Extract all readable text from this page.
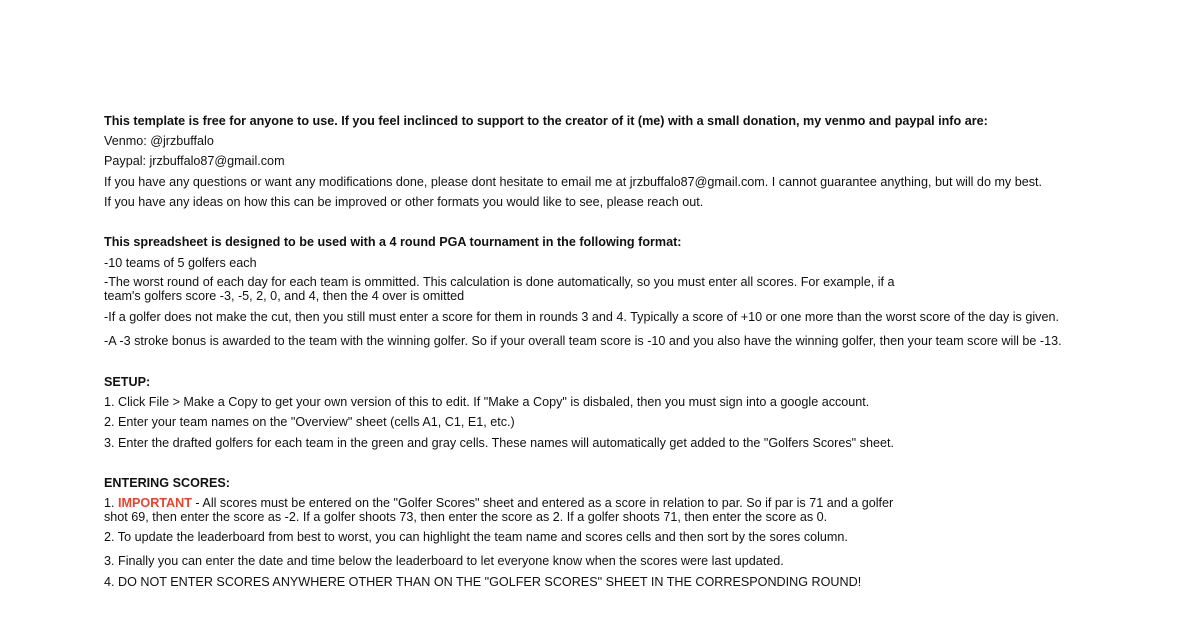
This template is free for anyone to use. If you feel inclinced to support to the creator of it (me) with a small donation, my venmo and paypal info are:
Venmo: @jrzbuffalo
Paypal: jrzbuffalo87@gmail.com
If you have any questions or want any modifications done, please dont hesitate to email me at jrzbuffalo87@gmail.com. I cannot guarantee anything, but will do my best.
If you have any ideas on how this can be improved or other formats you would like to see, please reach out.
This spreadsheet is designed to be used with a 4 round PGA tournament in the following format:
-10 teams of 5 golfers each
-The worst round of each day for each team is ommitted. This calculation is done automatically, so you must enter all scores. For example, if a team's golfers score -3, -5, 2, 0, and 4, then the 4 over is omitted
-If a golfer does not make the cut, then you still must enter a score for them in rounds 3 and 4. Typically a score of +10 or one more than the worst score of the day is given.
-A -3 stroke bonus is awarded to the team with the winning golfer. So if your overall team score is -10 and you also have the winning golfer, then your team score will be -13.
SETUP:
1. Click File > Make a Copy to get your own version of this to edit. If "Make a Copy" is disbaled, then you must sign into a google account.
2. Enter your team names on the "Overview" sheet (cells A1, C1, E1, etc.)
3. Enter the drafted golfers for each team in the green and gray cells. These names will automatically get added to the "Golfers Scores" sheet.
ENTERING SCORES:
1. IMPORTANT - All scores must be entered on the "Golfer Scores" sheet and entered as a score in relation to par. So if par is 71 and a golfer shot 69, then enter the score as -2. If a golfer shoots 73, then enter the score as 2. If a golfer shoots 71, then enter the score as 0.
2. To update the leaderboard from best to worst, you can highlight the team name and scores cells and then sort by the sores column.
3. Finally you can enter the date and time below the leaderboard to let everyone know when the scores were last updated.
4. DO NOT ENTER SCORES ANYWHERE OTHER THAN ON THE "GOLFER SCORES" SHEET IN THE CORRESPONDING ROUND!
